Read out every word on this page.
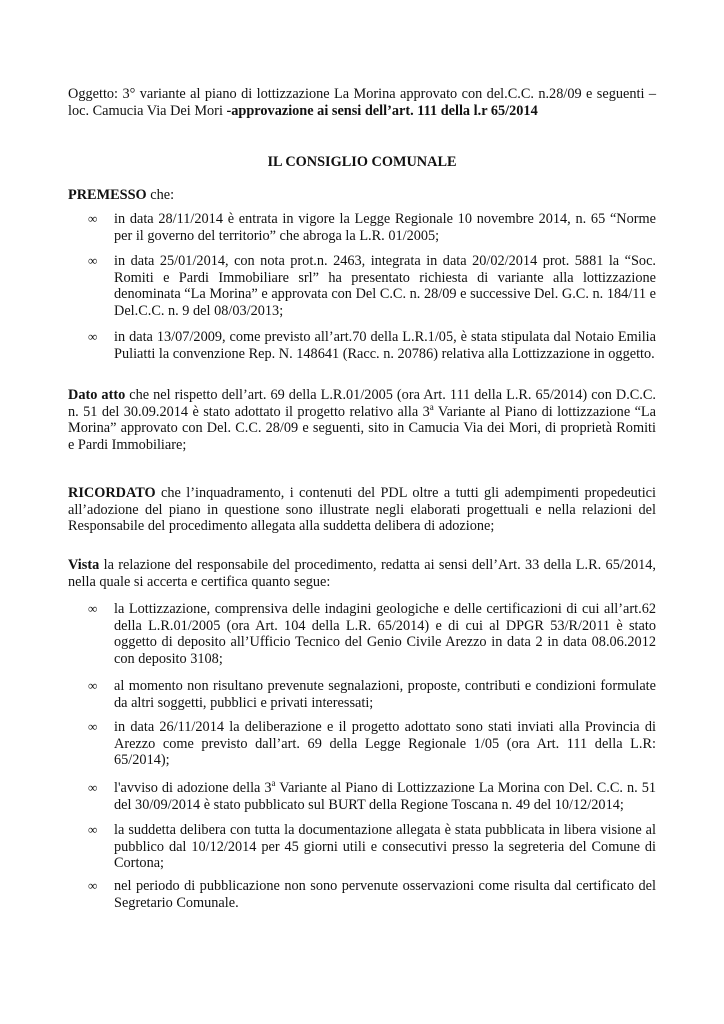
Oggetto: 3° variante al piano di lottizzazione La Morina approvato con del.C.C. n.28/09 e seguenti – loc. Camucia Via Dei Mori -approvazione ai sensi dell’art. 111 della l.r 65/2014
IL CONSIGLIO COMUNALE
PREMESSO che:
∞ in data 28/11/2014 è entrata in vigore la Legge Regionale 10 novembre 2014, n. 65 “Norme per il governo del territorio” che abroga la L.R. 01/2005;
∞ in data 25/01/2014, con nota prot.n. 2463, integrata in data 20/02/2014 prot. 5881 la “Soc. Romiti e Pardi Immobiliare srl” ha presentato richiesta di variante alla lottizzazione denominata “La Morina” e approvata con Del C.C. n. 28/09 e successive Del. G.C. n. 184/11 e Del.C.C. n. 9 del 08/03/2013;
∞ in data 13/07/2009, come previsto all’art.70 della L.R.1/05, è stata stipulata dal Notaio Emilia Puliatti la convenzione Rep. N. 148641 (Racc. n. 20786) relativa alla Lottizzazione in oggetto.
Dato atto che nel rispetto dell’art. 69 della L.R.01/2005 (ora Art. 111 della L.R. 65/2014) con D.C.C. n. 51 del 30.09.2014 è stato adottato il progetto relativo alla 3$^a$ Variante al Piano di lottizzazione “La Morina” approvato con Del. C.C. 28/09 e seguenti, sito in Camucia Via dei Mori, di proprietà Romiti e Pardi Immobiliare;
RICORDATO che l’inquadramento, i contenuti del PDL oltre a tutti gli adempimenti propedeutici all’adozione del piano in questione sono illustrate negli elaborati progettuali e nella relazioni del Responsabile del procedimento allegata alla suddetta delibera di adozione;
Vista la relazione del responsabile del procedimento, redatta ai sensi dell’Art. 33 della L.R. 65/2014, nella quale si accerta e certifica quanto segue:
∞ la Lottizzazione, comprensiva delle indagini geologiche e delle certificazioni di cui all’art.62 della L.R.01/2005 (ora Art. 104 della L.R. 65/2014) e di cui al DPGR 53/R/2011 è stato oggetto di deposito all’Ufficio Tecnico del Genio Civile Arezzo in data 2 in data 08.06.2012 con deposito 3108;
∞ al momento non risultano prevenute segnalazioni, proposte, contributi e condizioni formulate da altri soggetti, pubblici e privati interessati;
∞ in data 26/11/2014 la deliberazione e il progetto adottato sono stati inviati alla Provincia di Arezzo come previsto dall’art. 69 della Legge Regionale 1/05 (ora Art. 111 della L.R: 65/2014);
∞ l'avviso di adozione della 3$^a$ Variante al Piano di Lottizzazione La Morina con Del. C.C. n. 51 del 30/09/2014 è stato pubblicato sul BURT della Regione Toscana n. 49 del 10/12/2014;
∞ la suddetta delibera con tutta la documentazione allegata è stata pubblicata in libera visione al pubblico dal 10/12/2014 per 45 giorni utili e consecutivi presso la segreteria del Comune di Cortona;
∞ nel periodo di pubblicazione non sono pervenute osservazioni come risulta dal certificato del Segretario Comunale.
